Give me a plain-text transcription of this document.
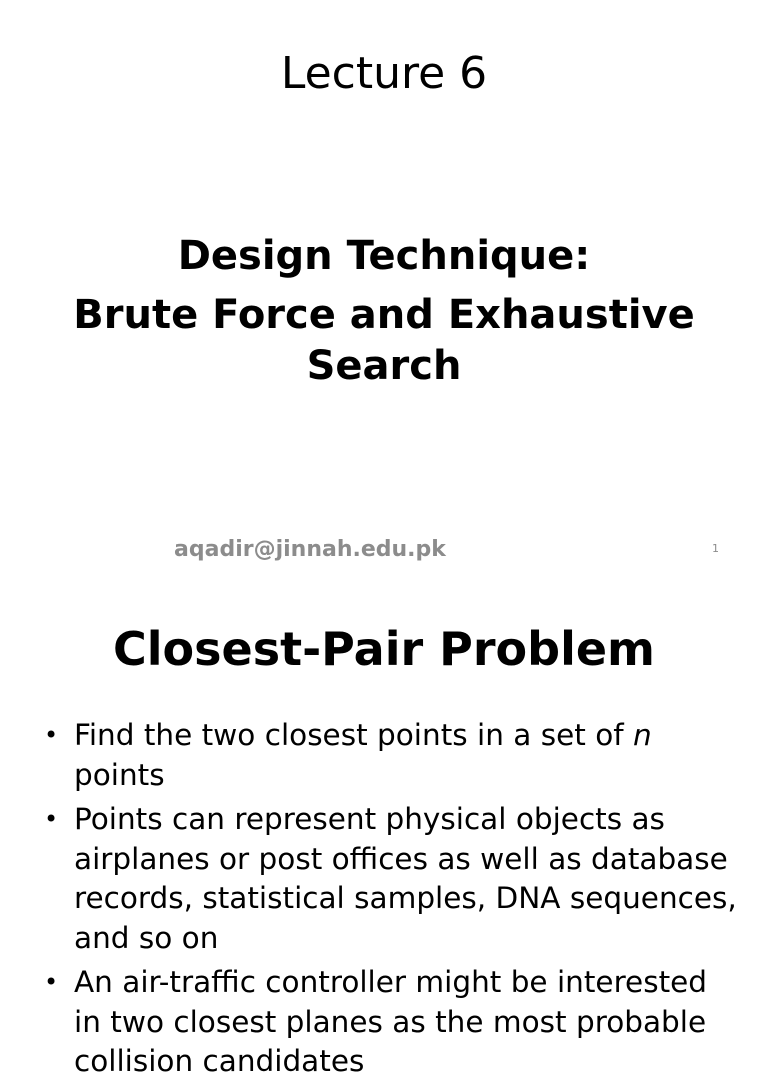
Lecture 6
Design Technique:
Brute Force and Exhaustive Search
aqadir@jinnah.edu.pk	1
Closest-Pair Problem
• Find the two closest points in a set of n points
• Points can represent physical objects as airplanes or post offices as well as database records, statistical samples, DNA sequences, and so on
• An air-traffic controller might be interested in two closest planes as the most probable collision candidates
